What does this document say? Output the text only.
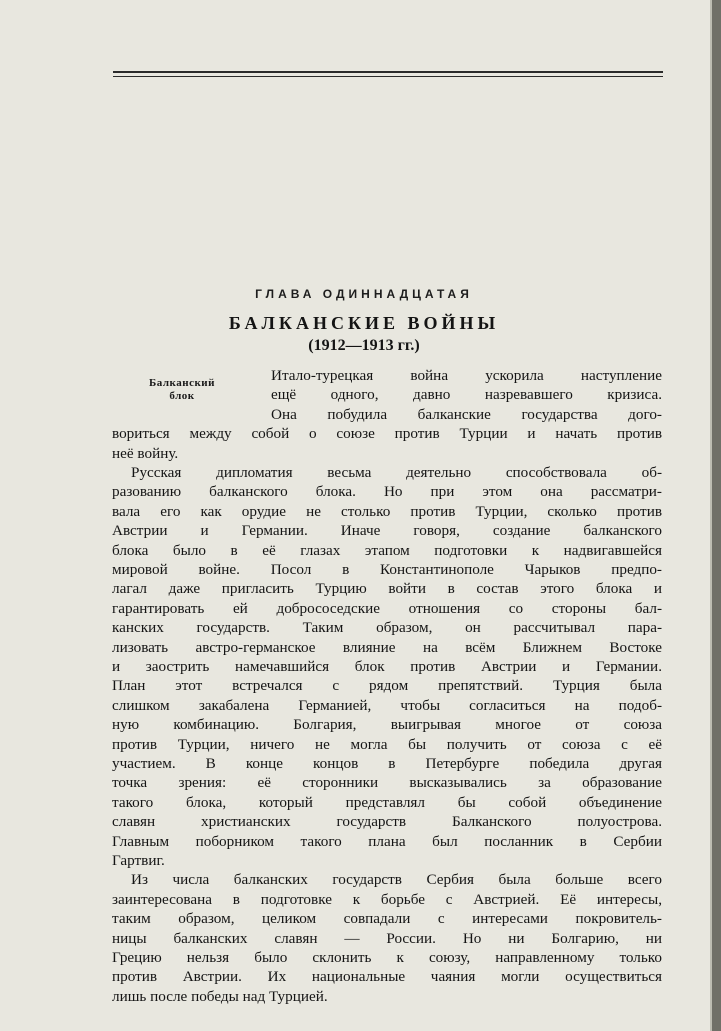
ГЛАВА ОДИННАДЦАТАЯ
БАЛКАНСКИЕ ВОЙНЫ
(1912—1913 гг.)
Балканский
блок
Итало-турецкая война ускорила наступление
ещё одного, давно назревавшего кризиса.
Она побудила балканские государства дого-
вориться между собой о союзе против Турции и начать против
неё войну.
Русская дипломатия весьма деятельно способствовала об-
разованию балканского блока. Но при этом она рассматри-
вала его как орудие не столько против Турции, сколько против
Австрии и Германии. Иначе говоря, создание балканского
блока было в её глазах этапом подготовки к надвигавшейся
мировой войне. Посол в Константинополе Чарыков предпо-
лагал даже пригласить Турцию войти в состав этого блока и
гарантировать ей добрососедские отношения со стороны бал-
канских государств. Таким образом, он рассчитывал пара-
лизовать австро-германское влияние на всём Ближнем Востоке
и заострить намечавшийся блок против Австрии и Германии.
План этот встречался с рядом препятствий. Турция была
слишком закабалена Германией, чтобы согласиться на подоб-
ную комбинацию. Болгария, выигрывая многое от союза
против Турции, ничего не могла бы получить от союза с её
участием. В конце концов в Петербурге победила другая
точка зрения: её сторонники высказывались за образование
такого блока, который представлял бы собой объединение
славян христианских государств Балканского полуострова.
Главным поборником такого плана был посланник в Сербии
Гартвиг.
Из числа балканских государств Сербия была больше всего
заинтересована в подготовке к борьбе с Австрией. Её интересы,
таким образом, целиком совпадали с интересами покровитель-
ницы балканских славян — России. Но ни Болгарию, ни
Грецию нельзя было склонить к союзу, направленному только
против Австрии. Их национальные чаяния могли осуществиться
лишь после победы над Турцией.
